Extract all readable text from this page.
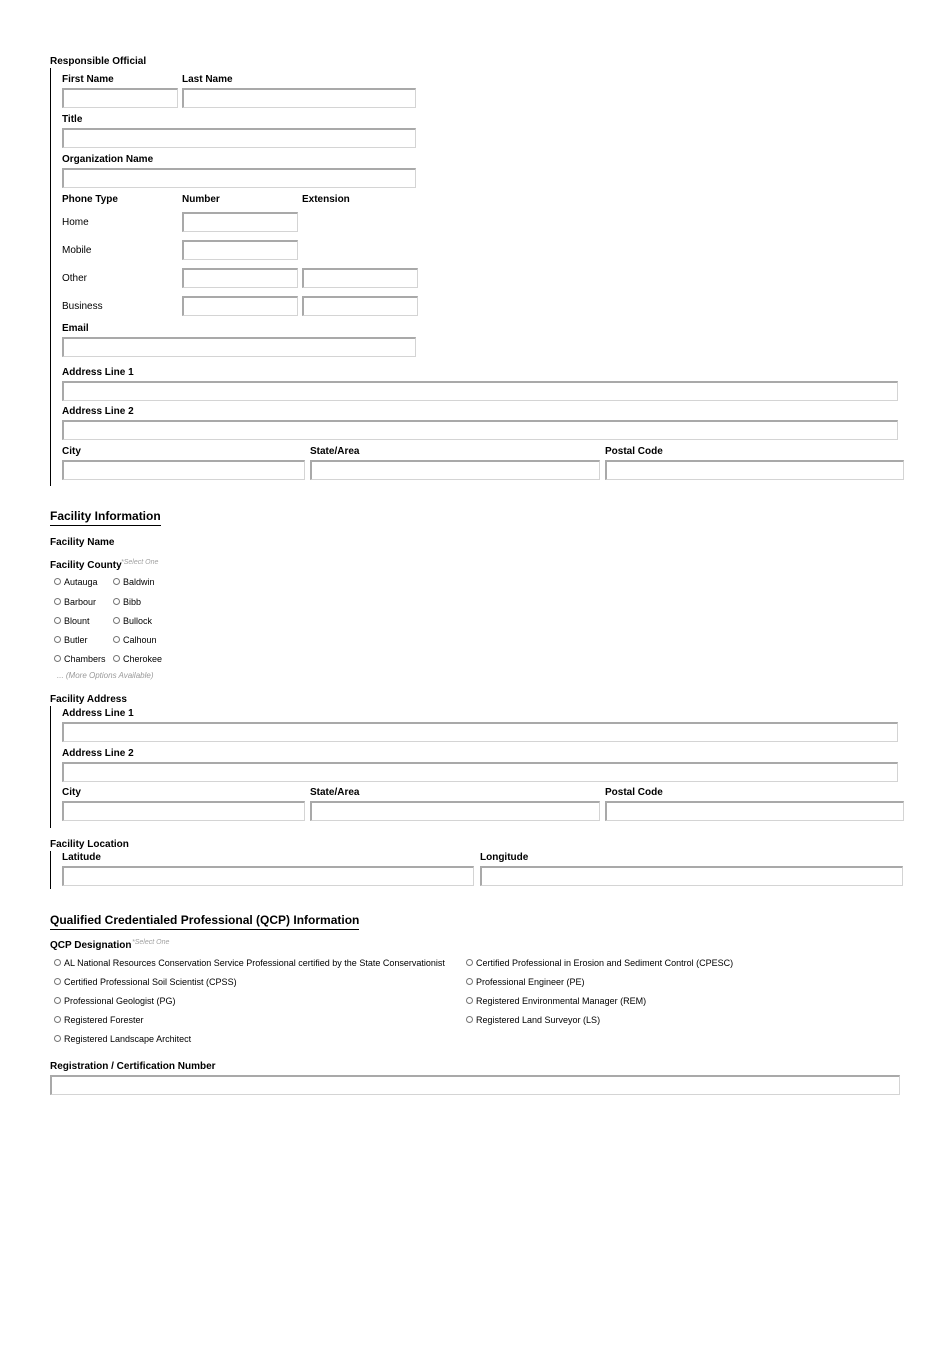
Responsible Official
First Name	Last Name
Title
Organization Name
Phone Type	Number	Extension
Home
Mobile
Other
Business
Email
Address Line 1
Address Line 2
City	State/Area	Postal Code
Facility Information
Facility Name
Facility County *Select One
Autauga	Baldwin
Barbour	Bibb
Blount	Bullock
Butler	Calhoun
Chambers	Cherokee
... (More Options Available)
Facility Address
Address Line 1
Address Line 2
City	State/Area	Postal Code
Facility Location
Latitude	Longitude
Qualified Credentialed Professional (QCP) Information
QCP Designation *Select One
AL National Resources Conservation Service Professional certified by the State Conservationist	Certified Professional in Erosion and Sediment Control (CPESC)
Certified Professional Soil Scientist (CPSS)	Professional Engineer (PE)
Professional Geologist (PG)	Registered Environmental Manager (REM)
Registered Forester	Registered Land Surveyor (LS)
Registered Landscape Architect
Registration / Certification Number
